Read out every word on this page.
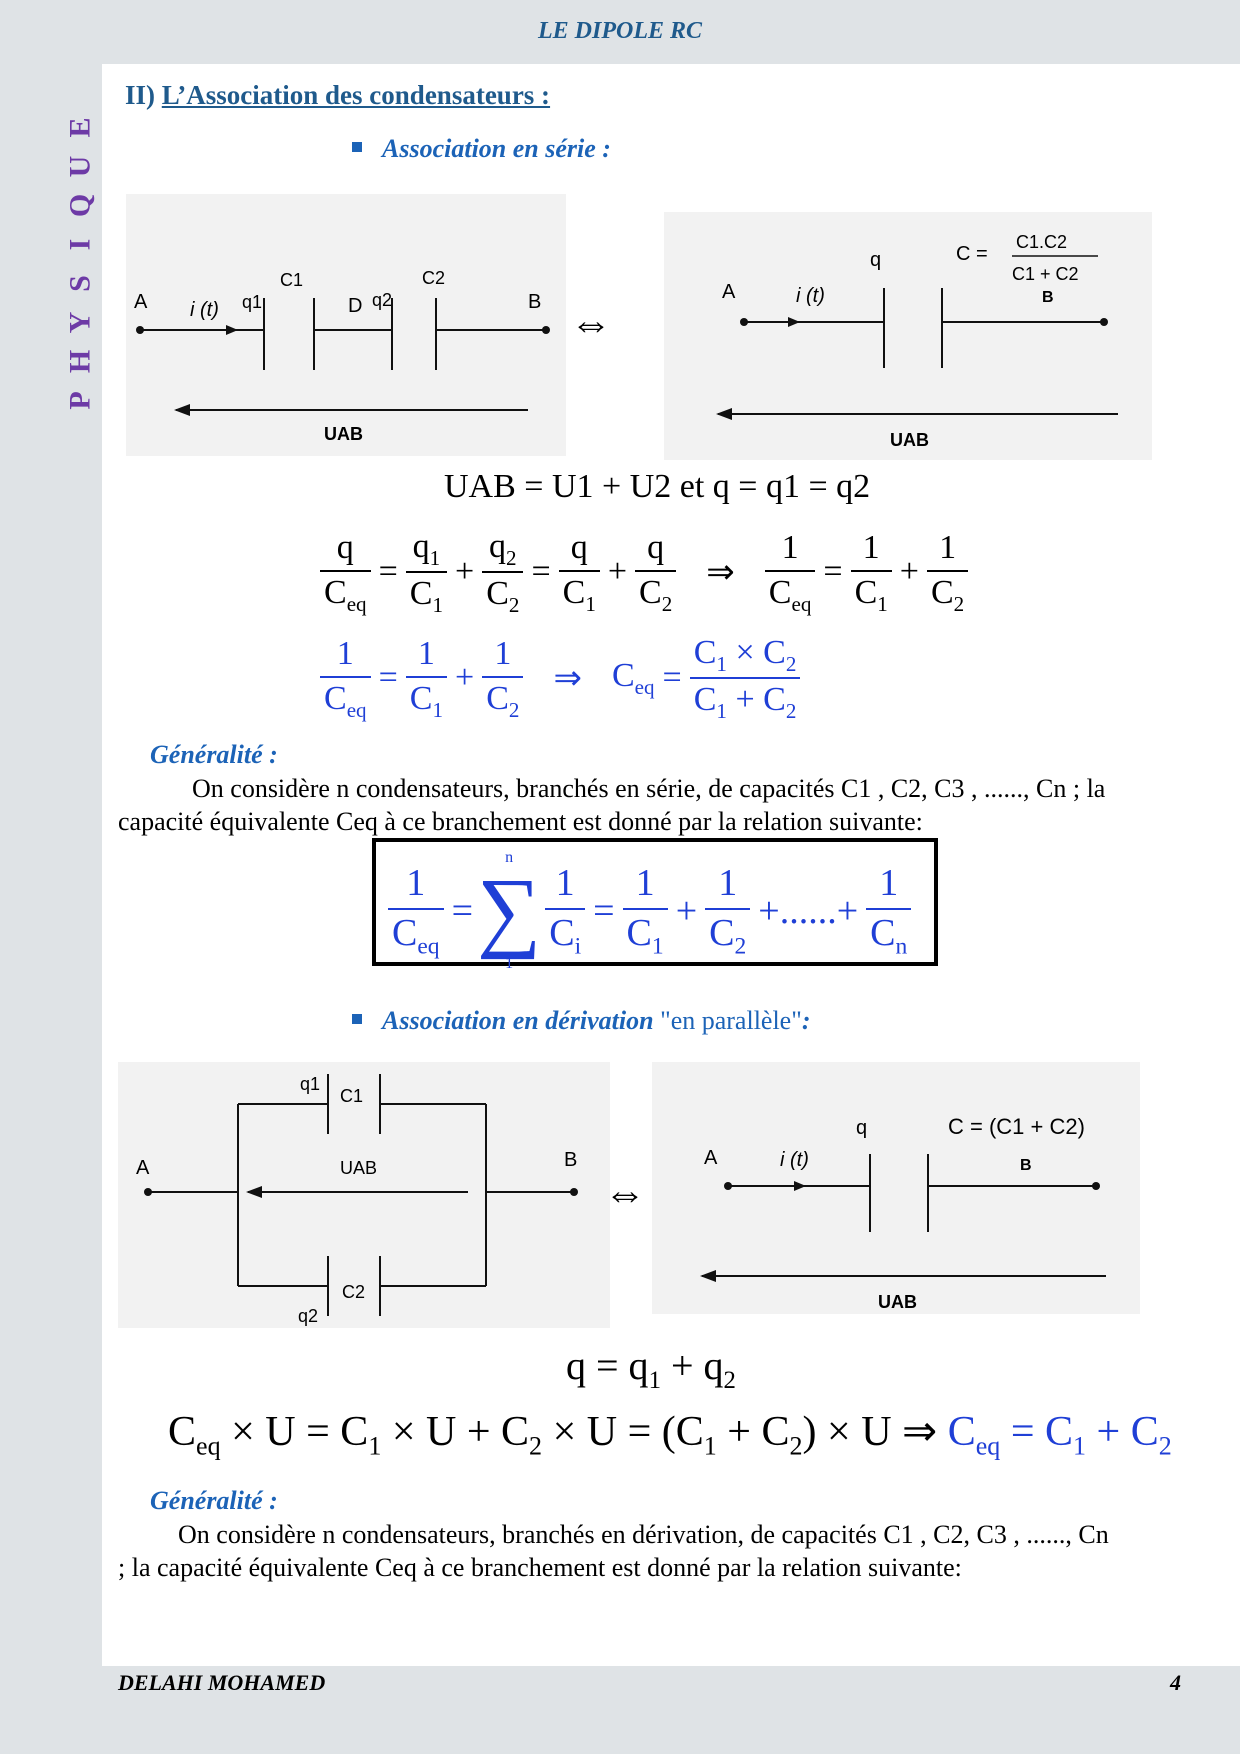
LE DIPOLE RC
E
U
Q
I
S
Y
H
P
II) L’Association des condensateurs :
Association en série :
A i (t) q1
C1
D q2
C2
B
UAB
⇔
A	i (t)
q	C =
C1.C2
C1 + C2
B
UAB
UAB = U1 + U2 et q = q1 = q2
$\frac{q}{C_{eq}} = \frac{q_1}{C_1} + \frac{q_2}{C_2} = \frac{q}{C_1} + \frac{q}{C_2}$ ⇒ $\frac{1}{C_{eq}} = \frac{1}{C_1} + \frac{1}{C_2}$
$\frac{1}{C_{eq}} = \frac{1}{C_1} + \frac{1}{C_2}$ ⇒ $C_{eq} = \frac{C_1 \times C_2}{C_1 + C_2}$
Généralité :
On considère n condensateurs, branchés en série, de capacités C1 , C2, C3 , ......, Cn ; la capacité équivalente Ceq à ce branchement est donné par la relation suivante:
$\frac{1}{C_{eq}}$ =
n
∑
1
$\frac{1}{C_i} = \frac{1}{C_1} + \frac{1}{C_2}$ +......+ $\frac{1}{C_n}$
Association en dérivation "en parallèle":
q1
C1
A	UAB	B
C2
q2
⇔
A	i (t)
q	C = (C1 + C2)
B
UAB
$q = q_1 + q_2$
$C_{eq} \times U = C_1 \times U + C_2 \times U = (C_1 + C_2) \times U$ ⇒ $C_{eq} = C_1 + C_2$
Généralité :
On considère n condensateurs, branchés en dérivation, de capacités C1 , C2, C3 , ......, Cn ; la capacité équivalente Ceq à ce branchement est donné par la relation suivante:
DELAHI MOHAMED	4
